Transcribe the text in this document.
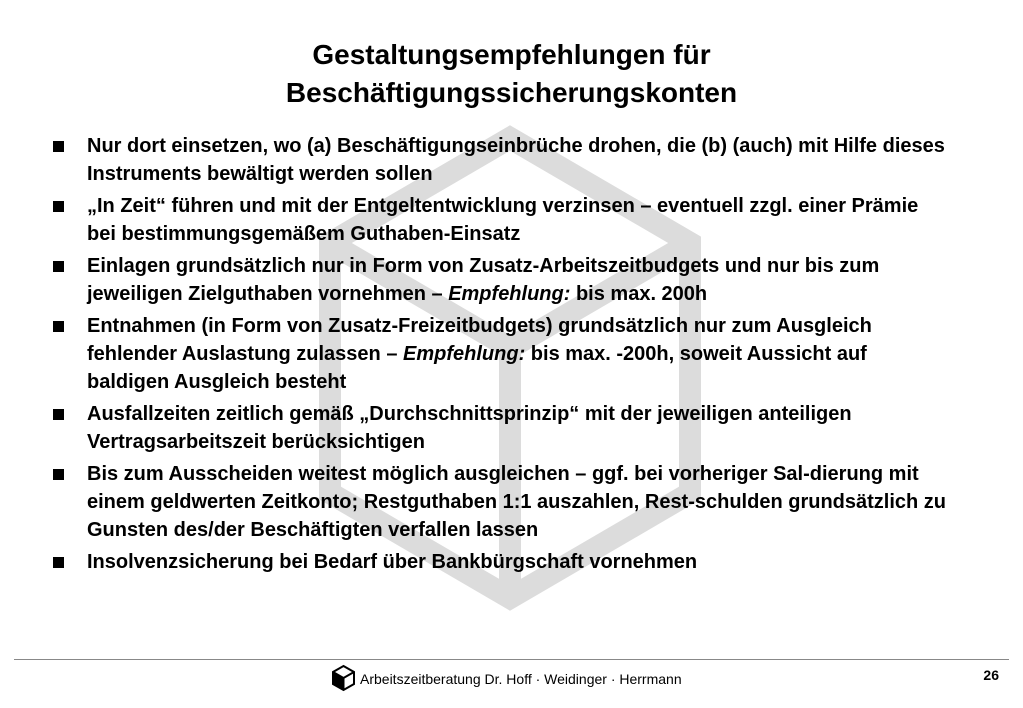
Gestaltungsempfehlungen für
Beschäftigungssicherungskonten
Nur dort einsetzen, wo (a) Beschäftigungseinbrüche drohen, die (b) (auch) mit Hilfe dieses Instruments bewältigt werden sollen
„In Zeit“ führen und mit der Entgeltentwicklung verzinsen – eventuell zzgl. einer Prämie bei bestimmungsgemäßem Guthaben-Einsatz
Einlagen grundsätzlich nur in Form von Zusatz-Arbeitszeitbudgets und nur bis zum jeweiligen Zielguthaben vornehmen – Empfehlung: bis max. 200h
Entnahmen (in Form von Zusatz-Freizeitbudgets) grundsätzlich nur zum Ausgleich fehlender Auslastung zulassen – Empfehlung: bis max. -200h, soweit Aussicht auf baldigen Ausgleich besteht
Ausfallzeiten zeitlich gemäß „Durchschnittsprinzip“ mit der jeweiligen anteiligen Vertragsarbeitszeit berücksichtigen
Bis zum Ausscheiden weitest möglich ausgleichen – ggf. bei vorheriger Sal-dierung mit einem geldwerten Zeitkonto; Restguthaben 1:1 auszahlen, Rest-schulden grundsätzlich zu Gunsten des/der Beschäftigten verfallen lassen
Insolvenzsicherung bei Bedarf über Bankbürgschaft vornehmen
Arbeitszeitberatung Dr. Hoff · Weidinger · Herrmann	26
